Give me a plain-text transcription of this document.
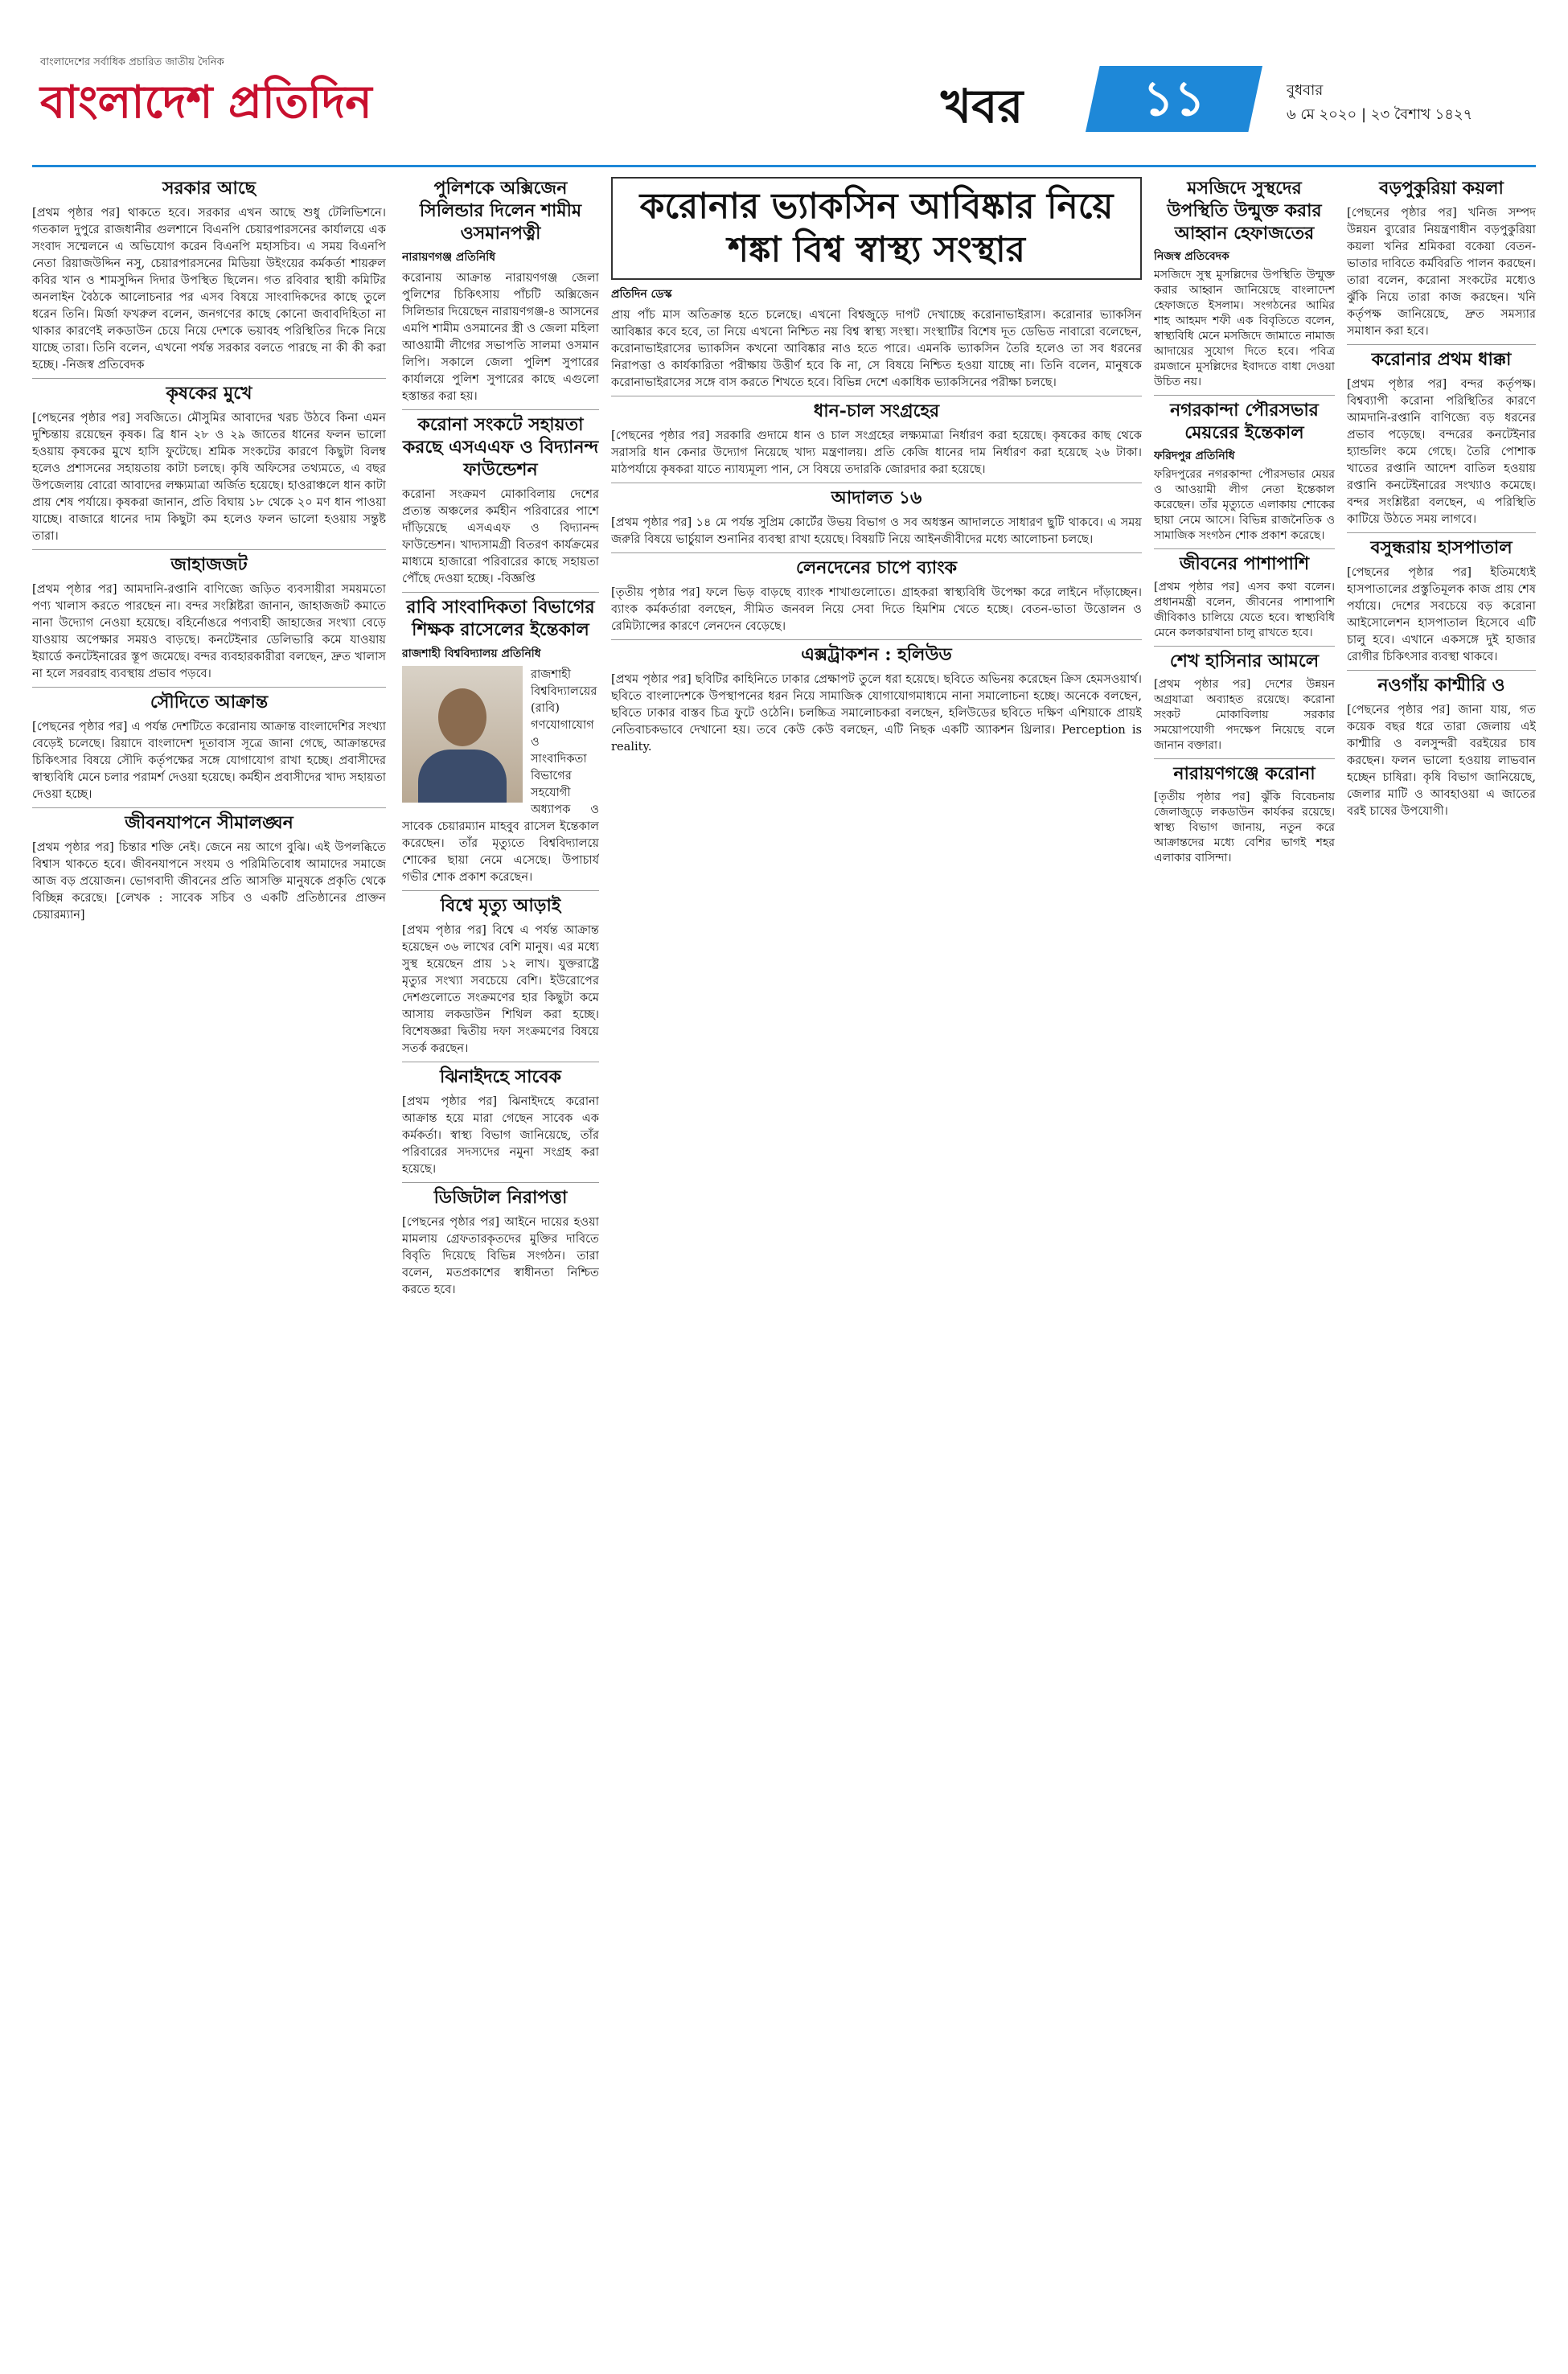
বাংলাদেশের সর্বাধিক প্রচারিত জাতীয় দৈনিক
বাংলাদেশ প্রতিদিন	খবর	১১	বুধবার
৬ মে ২০২০ | ২৩ বৈশাখ ১৪২৭
সরকার আছে

[প্রথম পৃষ্ঠার পর] থাকতে হবে। সরকার এখন আছে শুধু টেলিভিশনে। গতকাল দুপুরে রাজধানীর গুলশানে বিএনপি চেয়ারপারসনের কার্যালয়ে এক সংবাদ সম্মেলনে এ অভিযোগ করেন বিএনপি মহাসচিব। এ সময় বিএনপি নেতা রিয়াজউদ্দিন নসু, চেয়ারপারসনের মিডিয়া উইংয়ের কর্মকর্তা শায়রুল কবির খান ও শামসুদ্দিন দিদার উপস্থিত ছিলেন। গত রবিবার স্থায়ী কমিটির অনলাইন বৈঠকে আলোচনার পর এসব বিষয়ে সাংবাদিকদের কাছে তুলে ধরেন তিনি। মির্জা ফখরুল বলেন, জনগণের কাছে কোনো জবাবদিহিতা না থাকার কারণেই লকডাউন চেয়ে নিয়ে দেশকে ভয়াবহ পরিস্থিতির দিকে নিয়ে যাচ্ছে তারা। তিনি বলেন, এখনো পর্যন্ত সরকার বলতে পারছে না কী কী করা হচ্ছে। -নিজস্ব প্রতিবেদক

কৃষকের মুখে

[পেছনের পৃষ্ঠার পর] সবজিতে। মৌসুমির আবাদের খরচ উঠবে কিনা এমন দুশ্চিন্তায় রয়েছেন কৃষক। ব্রি ধান ২৮ ও ২৯ জাতের ধানের ফলন ভালো হওয়ায় কৃষকের মুখে হাসি ফুটেছে। শ্রমিক সংকটের কারণে কিছুটা বিলম্ব হলেও প্রশাসনের সহায়তায় কাটা চলছে। কৃষি অফিসের তথ্যমতে, এ বছর উপজেলায় বোরো আবাদের লক্ষ্যমাত্রা অর্জিত হয়েছে। হাওরাঞ্চলে ধান কাটা প্রায় শেষ পর্যায়ে। কৃষকরা জানান, প্রতি বিঘায় ১৮ থেকে ২০ মণ ধান পাওয়া যাচ্ছে। বাজারে ধানের দাম কিছুটা কম হলেও ফলন ভালো হওয়ায় সন্তুষ্ট তারা।

জাহাজজট

[প্রথম পৃষ্ঠার পর] আমদানি-রপ্তানি বাণিজ্যে জড়িত ব্যবসায়ীরা সময়মতো পণ্য খালাস করতে পারছেন না। বন্দর সংশ্লিষ্টরা জানান, জাহাজজট কমাতে নানা উদ্যোগ নেওয়া হয়েছে। বহির্নোঙরে পণ্যবাহী জাহাজের সংখ্যা বেড়ে যাওয়ায় অপেক্ষার সময়ও বাড়ছে। কনটেইনার ডেলিভারি কমে যাওয়ায় ইয়ার্ডে কনটেইনারের স্তূপ জমেছে। বন্দর ব্যবহারকারীরা বলছেন, দ্রুত খালাস না হলে সরবরাহ ব্যবস্থায় প্রভাব পড়বে।

সৌদিতে আক্রান্ত

[পেছনের পৃষ্ঠার পর] এ পর্যন্ত দেশটিতে করোনায় আক্রান্ত বাংলাদেশির সংখ্যা বেড়েই চলেছে। রিয়াদে বাংলাদেশ দূতাবাস সূত্রে জানা গেছে, আক্রান্তদের চিকিৎসার বিষয়ে সৌদি কর্তৃপক্ষের সঙ্গে যোগাযোগ রাখা হচ্ছে। প্রবাসীদের স্বাস্থ্যবিধি মেনে চলার পরামর্শ দেওয়া হয়েছে। কর্মহীন প্রবাসীদের খাদ্য সহায়তা দেওয়া হচ্ছে।

জীবনযাপনে সীমালঙ্ঘন

[প্রথম পৃষ্ঠার পর] চিন্তার শক্তি নেই। জেনে নয় আগে বুঝি। এই উপলব্ধিতে বিশ্বাস থাকতে হবে। জীবনযাপনে সংযম ও পরিমিতিবোধ আমাদের সমাজে আজ বড় প্রয়োজন। ভোগবাদী জীবনের প্রতি আসক্তি মানুষকে প্রকৃতি থেকে বিচ্ছিন্ন করেছে। [লেখক : সাবেক সচিব ও একটি প্রতিষ্ঠানের প্রাক্তন চেয়ারম্যান]

পুলিশকে অক্সিজেন সিলিন্ডার দিলেন শামীম ওসমানপত্নী
নারায়ণগঞ্জ প্রতিনিধি

করোনায় আক্রান্ত নারায়ণগঞ্জ জেলা পুলিশের চিকিৎসায় পাঁচটি অক্সিজেন সিলিন্ডার দিয়েছেন নারায়ণগঞ্জ-৪ আসনের এমপি শামীম ওসমানের স্ত্রী ও জেলা মহিলা আওয়ামী লীগের সভাপতি সালমা ওসমান লিপি। সকালে জেলা পুলিশ সুপারের কার্যালয়ে পুলিশ সুপারের কাছে এগুলো হস্তান্তর করা হয়।

করোনা সংকটে সহায়তা করছে এসএএফ ও বিদ্যানন্দ ফাউন্ডেশন

করোনা সংক্রমণ মোকাবিলায় দেশের প্রত্যন্ত অঞ্চলের কর্মহীন পরিবারের পাশে দাঁড়িয়েছে এসএএফ ও বিদ্যানন্দ ফাউন্ডেশন। খাদ্যসামগ্রী বিতরণ কার্যক্রমের মাধ্যমে হাজারো পরিবারের কাছে সহায়তা পৌঁছে দেওয়া হচ্ছে। -বিজ্ঞপ্তি

রাবি সাংবাদিকতা বিভাগের শিক্ষক রাসেলের ইন্তেকাল
রাজশাহী বিশ্ববিদ্যালয় প্রতিনিধি

রাজশাহী বিশ্ববিদ্যালয়ের (রাবি) গণযোগাযোগ ও সাংবাদিকতা বিভাগের সহযোগী অধ্যাপক ও সাবেক চেয়ারম্যান মাহবুব রাসেল ইন্তেকাল করেছেন। তাঁর মৃত্যুতে বিশ্ববিদ্যালয়ে শোকের ছায়া নেমে এসেছে। উপাচার্য গভীর শোক প্রকাশ করেছেন।

বিশ্বে মৃত্যু আড়াই

[প্রথম পৃষ্ঠার পর] বিশ্বে এ পর্যন্ত আক্রান্ত হয়েছেন ৩৬ লাখের বেশি মানুষ। এর মধ্যে সুস্থ হয়েছেন প্রায় ১২ লাখ। যুক্তরাষ্ট্রে মৃত্যুর সংখ্যা সবচেয়ে বেশি। ইউরোপের দেশগুলোতে সংক্রমণের হার কিছুটা কমে আসায় লকডাউন শিথিল করা হচ্ছে। বিশেষজ্ঞরা দ্বিতীয় দফা সংক্রমণের বিষয়ে সতর্ক করছেন।

ঝিনাইদহে সাবেক

[প্রথম পৃষ্ঠার পর] ঝিনাইদহে করোনা আক্রান্ত হয়ে মারা গেছেন সাবেক এক কর্মকর্তা। স্বাস্থ্য বিভাগ জানিয়েছে, তাঁর পরিবারের সদস্যদের নমুনা সংগ্রহ করা হয়েছে।

ডিজিটাল নিরাপত্তা

[পেছনের পৃষ্ঠার পর] আইনে দায়ের হওয়া মামলায় গ্রেফতারকৃতদের মুক্তির দাবিতে বিবৃতি দিয়েছে বিভিন্ন সংগঠন। তারা বলেন, মতপ্রকাশের স্বাধীনতা নিশ্চিত করতে হবে।

করোনার ভ্যাকসিন আবিষ্কার নিয়ে শঙ্কা বিশ্ব স্বাস্থ্য সংস্থার
প্রতিদিন ডেস্ক

প্রায় পাঁচ মাস অতিক্রান্ত হতে চলেছে। এখনো বিশ্বজুড়ে দাপট দেখাচ্ছে করোনাভাইরাস। করোনার ভ্যাকসিন আবিষ্কার কবে হবে, তা নিয়ে এখনো নিশ্চিত নয় বিশ্ব স্বাস্থ্য সংস্থা। সংস্থাটির বিশেষ দূত ডেভিড নাবারো বলেছেন, করোনাভাইরাসের ভ্যাকসিন কখনো আবিষ্কার নাও হতে পারে। এমনকি ভ্যাকসিন তৈরি হলেও তা সব ধরনের নিরাপত্তা ও কার্যকারিতা পরীক্ষায় উত্তীর্ণ হবে কি না, সে বিষয়ে নিশ্চিত হওয়া যাচ্ছে না। তিনি বলেন, মানুষকে করোনাভাইরাসের সঙ্গে বাস করতে শিখতে হবে। বিভিন্ন দেশে একাধিক ভ্যাকসিনের পরীক্ষা চলছে।

ধান-চাল সংগ্রহের

[পেছনের পৃষ্ঠার পর] সরকারি গুদামে ধান ও চাল সংগ্রহের লক্ষ্যমাত্রা নির্ধারণ করা হয়েছে। কৃষকের কাছ থেকে সরাসরি ধান কেনার উদ্যোগ নিয়েছে খাদ্য মন্ত্রণালয়। প্রতি কেজি ধানের দাম নির্ধারণ করা হয়েছে ২৬ টাকা। মাঠপর্যায়ে কৃষকরা যাতে ন্যায্যমূল্য পান, সে বিষয়ে তদারকি জোরদার করা হয়েছে।

আদালত ১৬

[প্রথম পৃষ্ঠার পর] ১৪ মে পর্যন্ত সুপ্রিম কোর্টের উভয় বিভাগ ও সব অধস্তন আদালতে সাধারণ ছুটি থাকবে। এ সময় জরুরি বিষয়ে ভার্চুয়াল শুনানির ব্যবস্থা রাখা হয়েছে। বিষয়টি নিয়ে আইনজীবীদের মধ্যে আলোচনা চলছে।

লেনদেনের চাপে ব্যাংক

[তৃতীয় পৃষ্ঠার পর] ফলে ভিড় বাড়ছে ব্যাংক শাখাগুলোতে। গ্রাহকরা স্বাস্থ্যবিধি উপেক্ষা করে লাইনে দাঁড়াচ্ছেন। ব্যাংক কর্মকর্তারা বলছেন, সীমিত জনবল নিয়ে সেবা দিতে হিমশিম খেতে হচ্ছে। বেতন-ভাতা উত্তোলন ও রেমিট্যান্সের কারণে লেনদেন বেড়েছে।

এক্সট্রাকশন : হলিউড

[প্রথম পৃষ্ঠার পর] ছবিটির কাহিনিতে ঢাকার প্রেক্ষাপট তুলে ধরা হয়েছে। ছবিতে অভিনয় করেছেন ক্রিস হেমসওয়ার্থ। ছবিতে বাংলাদেশকে উপস্থাপনের ধরন নিয়ে সামাজিক যোগাযোগমাধ্যমে নানা সমালোচনা হচ্ছে। অনেকে বলছেন, ছবিতে ঢাকার বাস্তব চিত্র ফুটে ওঠেনি। চলচ্চিত্র সমালোচকরা বলছেন, হলিউডের ছবিতে দক্ষিণ এশিয়াকে প্রায়ই নেতিবাচকভাবে দেখানো হয়। তবে কেউ কেউ বলছেন, এটি নিছক একটি অ্যাকশন থ্রিলার। Perception is reality.

মসজিদে সুস্থদের উপস্থিতি উন্মুক্ত করার আহ্বান হেফাজতের
নিজস্ব প্রতিবেদক

মসজিদে সুস্থ মুসল্লিদের উপস্থিতি উন্মুক্ত করার আহ্বান জানিয়েছে বাংলাদেশ হেফাজতে ইসলাম। সংগঠনের আমির শাহ আহমদ শফী এক বিবৃতিতে বলেন, স্বাস্থ্যবিধি মেনে মসজিদে জামাতে নামাজ আদায়ের সুযোগ দিতে হবে। পবিত্র রমজানে মুসল্লিদের ইবাদতে বাধা দেওয়া উচিত নয়।

নগরকান্দা পৌরসভার মেয়রের ইন্তেকাল
ফরিদপুর প্রতিনিধি

ফরিদপুরের নগরকান্দা পৌরসভার মেয়র ও আওয়ামী লীগ নেতা ইন্তেকাল করেছেন। তাঁর মৃত্যুতে এলাকায় শোকের ছায়া নেমে আসে। বিভিন্ন রাজনৈতিক ও সামাজিক সংগঠন শোক প্রকাশ করেছে।

জীবনের পাশাপাশি

[প্রথম পৃষ্ঠার পর] এসব কথা বলেন। প্রধানমন্ত্রী বলেন, জীবনের পাশাপাশি জীবিকাও চালিয়ে যেতে হবে। স্বাস্থ্যবিধি মেনে কলকারখানা চালু রাখতে হবে।

শেখ হাসিনার আমলে

[প্রথম পৃষ্ঠার পর] দেশের উন্নয়ন অগ্রযাত্রা অব্যাহত রয়েছে। করোনা সংকট মোকাবিলায় সরকার সময়োপযোগী পদক্ষেপ নিয়েছে বলে জানান বক্তারা।

নারায়ণগঞ্জে করোনা

[তৃতীয় পৃষ্ঠার পর] ঝুঁকি বিবেচনায় জেলাজুড়ে লকডাউন কার্যকর রয়েছে। স্বাস্থ্য বিভাগ জানায়, নতুন করে আক্রান্তদের মধ্যে বেশির ভাগই শহর এলাকার বাসিন্দা।

বড়পুকুরিয়া কয়লা

[পেছনের পৃষ্ঠার পর] খনিজ সম্পদ উন্নয়ন ব্যুরোর নিয়ন্ত্রণাধীন বড়পুকুরিয়া কয়লা খনির শ্রমিকরা বকেয়া বেতন-ভাতার দাবিতে কর্মবিরতি পালন করছেন। তারা বলেন, করোনা সংকটের মধ্যেও ঝুঁকি নিয়ে তারা কাজ করছেন। খনি কর্তৃপক্ষ জানিয়েছে, দ্রুত সমস্যার সমাধান করা হবে।

করোনার প্রথম ধাক্কা

[প্রথম পৃষ্ঠার পর] বন্দর কর্তৃপক্ষ। বিশ্বব্যাপী করোনা পরিস্থিতির কারণে আমদানি-রপ্তানি বাণিজ্যে বড় ধরনের প্রভাব পড়েছে। বন্দরের কনটেইনার হ্যান্ডলিং কমে গেছে। তৈরি পোশাক খাতের রপ্তানি আদেশ বাতিল হওয়ায় রপ্তানি কনটেইনারের সংখ্যাও কমেছে। বন্দর সংশ্লিষ্টরা বলছেন, এ পরিস্থিতি কাটিয়ে উঠতে সময় লাগবে।

বসুন্ধরায় হাসপাতাল

[পেছনের পৃষ্ঠার পর] ইতিমধ্যেই হাসপাতালের প্রস্তুতিমূলক কাজ প্রায় শেষ পর্যায়ে। দেশের সবচেয়ে বড় করোনা আইসোলেশন হাসপাতাল হিসেবে এটি চালু হবে। এখানে একসঙ্গে দুই হাজার রোগীর চিকিৎসার ব্যবস্থা থাকবে।

নওগাঁয় কাশ্মীরি ও

[পেছনের পৃষ্ঠার পর] জানা যায়, গত কয়েক বছর ধরে তারা জেলায় এই কাশ্মীরি ও বলসুন্দরী বরইয়ের চাষ করছেন। ফলন ভালো হওয়ায় লাভবান হচ্ছেন চাষিরা। কৃষি বিভাগ জানিয়েছে, জেলার মাটি ও আবহাওয়া এ জাতের বরই চাষের উপযোগী।
